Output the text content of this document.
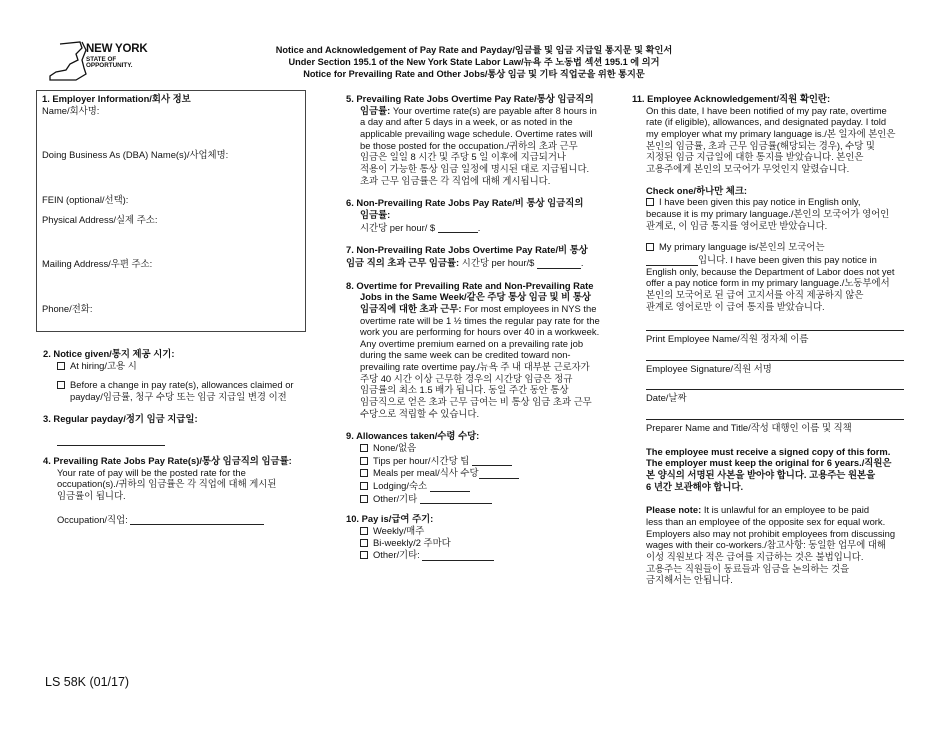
NEW YORK
STATE OF
OPPORTUNITY.
Notice and Acknowledgement of Pay Rate and Payday/임금률 및 임금 지급일 통지문 및 확인서
Under Section 195.1 of the New York State Labor Law/뉴욕 주 노동법 섹션 195.1 에 의거
Notice for Prevailing Rate and Other Jobs/통상 임금 및 기타 직업군을 위한 통지문
1. Employer Information/회사 정보
Name/회사명:
Doing Business As (DBA) Name(s)/사업체명:
FEIN (optional/선택):
Physical Address/실제 주소:
Mailing Address/우편 주소:
Phone/전화:
2. Notice given/통지 제공 시기:
At hiring/고용 시
Before a change in pay rate(s), allowances claimed or
payday/임금률, 청구 수당 또는 임금 지급일 변경 이전
3. Regular payday/정기 임금 지급일:

4. Prevailing Rate Jobs Pay Rate(s)/통상 임금직의 임금률:
Your rate of pay will be the posted rate for the
occupation(s)./귀하의 임금률은 각 직업에 대해 게시된
임금률이 됩니다.
Occupation/직업:
5. Prevailing Rate Jobs Overtime Pay Rate/통상 임금직의
임금률: Your overtime rate(s) are payable after 8 hours in
a day and after 5 days in a week, or as noted in the
applicable prevailing wage schedule. Overtime rates will
be those posted for the occupation./귀하의 초과 근무
임금은 일일 8 시간 및 주당 5 일 이후에 지급되거나
적용이 가능한 통상 임금 일정에 명시된 대로 지급됩니다.
초과 근무 임금률은 각 직업에 대해 게시됩니다.
6. Non-Prevailing Rate Jobs Pay Rate/비 통상 임금직의
임금률:
시간당 per hour/ $	.
7. Non-Prevailing Rate Jobs Overtime Pay Rate/비 통상
임금 직의 초과 근무 임금률: 시간당 per hour/$	.
8. Overtime for Prevailing Rate and Non-Prevailing Rate
Jobs in the Same Week/같은 주당 통상 임금 및 비 통상
임금직에 대한 초과 근무: For most employees in NYS the
overtime rate will be 1 ½ times the regular pay rate for the
work you are performing for hours over 40 in a workweek.
Any overtime premium earned on a prevailing rate job
during the same week can be credited toward non-
prevailing rate overtime pay./뉴욕 주 내 대부분 근로자가
주당 40 시간 이상 근무한 경우의 시간당 임금은 정규
임금률의 최소 1.5 배가 됩니다. 동일 주간 동안 통상
임금직으로 얻은 초과 근무 급여는 비 통상 임금 초과 근무
수당으로 적립할 수 있습니다.
9. Allowances taken/수령 수당:
None/없음
Tips per hour/시간당 팁
Meals per meal/식사 수당
Lodging/숙소
Other/기타
10. Pay is/급여 주기:
Weekly/매주
Bi-weekly/2 주마다
Other/기타:
11. Employee Acknowledgement/직원 확인란:
On this date, I have been notified of my pay rate, overtime
rate (if eligible), allowances, and designated payday. I told
my employer what my primary language is./본 일자에 본인은
본인의 임금률, 초과 근무 임금률(해당되는 경우), 수당 및
지정된 임금 지급일에 대한 통지를 받았습니다. 본인은
고용주에게 본인의 모국어가 무엇인지 알렸습니다.
Check one/하나만 체크:
I have been given this pay notice in English only,
because it is my primary language./본인의 모국어가 영어인
관계로, 이 임금 통지를 영어로만 받았습니다.
My primary language is/본인의 모국어는
입니다. I have been given this pay notice in
English only, because the Department of Labor does not yet
offer a pay notice form in my primary language./노동부에서
본인의 모국어로 된 급여 고지서를 아직 제공하지 않은
관계로 영어로만 이 급여 통지를 받았습니다.
Print Employee Name/직원 정자체 이름
Employee Signature/직원 서명
Date/날짜
Preparer Name and Title/작성 대행인 이름 및 직책
The employee must receive a signed copy of this form.
The employer must keep the original for 6 years./직원은
본 양식의 서명된 사본을 받아야 합니다. 고용주는 원본을
6 년간 보관해야 합니다.
Please note: It is unlawful for an employee to be paid
less than an employee of the opposite sex for equal work.
Employers also may not prohibit employees from discussing
wages with their co-workers./참고사항: 동일한 업무에 대해
이성 직원보다 적은 급여를 지급하는 것은 불법입니다.
고용주는 직원들이 동료들과 임금을 논의하는 것을
금지해서는 안됩니다.
LS 58K (01/17)
